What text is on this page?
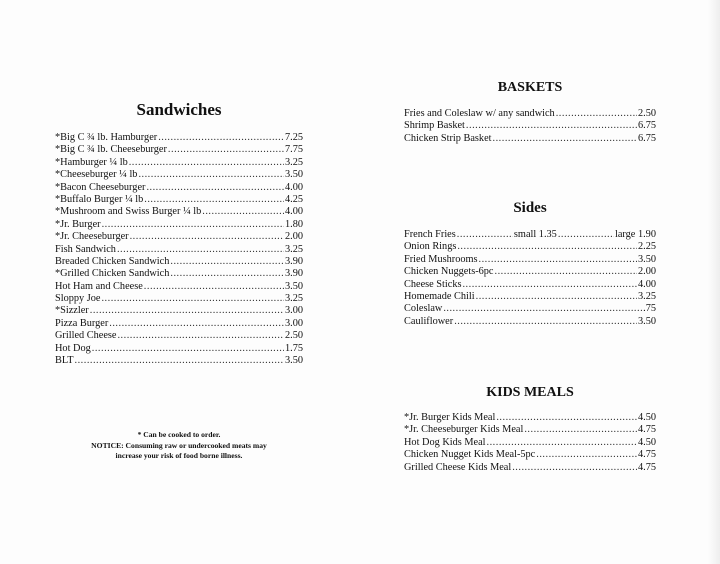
Sandwiches
*Big C ¾ lb. Hamburger .....	7.25
*Big C ¾ lb. Cheeseburger .....	7.75
*Hamburger ¼ lb .....	3.25
*Cheeseburger ¼ lb .....	3.50
*Bacon Cheeseburger .....	4.00
*Buffalo Burger ¼ lb .....	4.25
*Mushroom and Swiss Burger ¼ lb .....	4.00
*Jr. Burger .....	1.80
*Jr. Cheeseburger .....	2.00
Fish Sandwich .....	3.25
Breaded Chicken Sandwich .....	3.90
*Grilled Chicken Sandwich .....	3.90
Hot Ham and Cheese .....	3.50
Sloppy Joe .....	3.25
*Sizzler .....	3.00
Pizza Burger .....	3.00
Grilled Cheese .....	2.50
Hot Dog .....	1.75
BLT .....	3.50
* Can be cooked to order.
NOTICE: Consuming raw or undercooked meats may
increase your risk of food borne illness.
BASKETS
Fries and Coleslaw w/ any sandwich .....	2.50
Shrimp Basket .....	6.75
Chicken Strip Basket .....	6.75
Sides
French Fries .....	small 1.35 .....	large 1.90
Onion Rings .....	2.25
Fried Mushrooms .....	3.50
Chicken Nuggets-6pc .....	2.00
Cheese Sticks .....	4.00
Homemade Chili .....	3.25
Coleslaw .....	.75
Cauliflower .....	3.50
KIDS MEALS
*Jr. Burger Kids Meal .....	4.50
*Jr. Cheeseburger Kids Meal .....	4.75
Hot Dog Kids Meal .....	4.50
Chicken Nugget Kids Meal-5pc .....	4.75
Grilled Cheese Kids Meal .....	4.75
